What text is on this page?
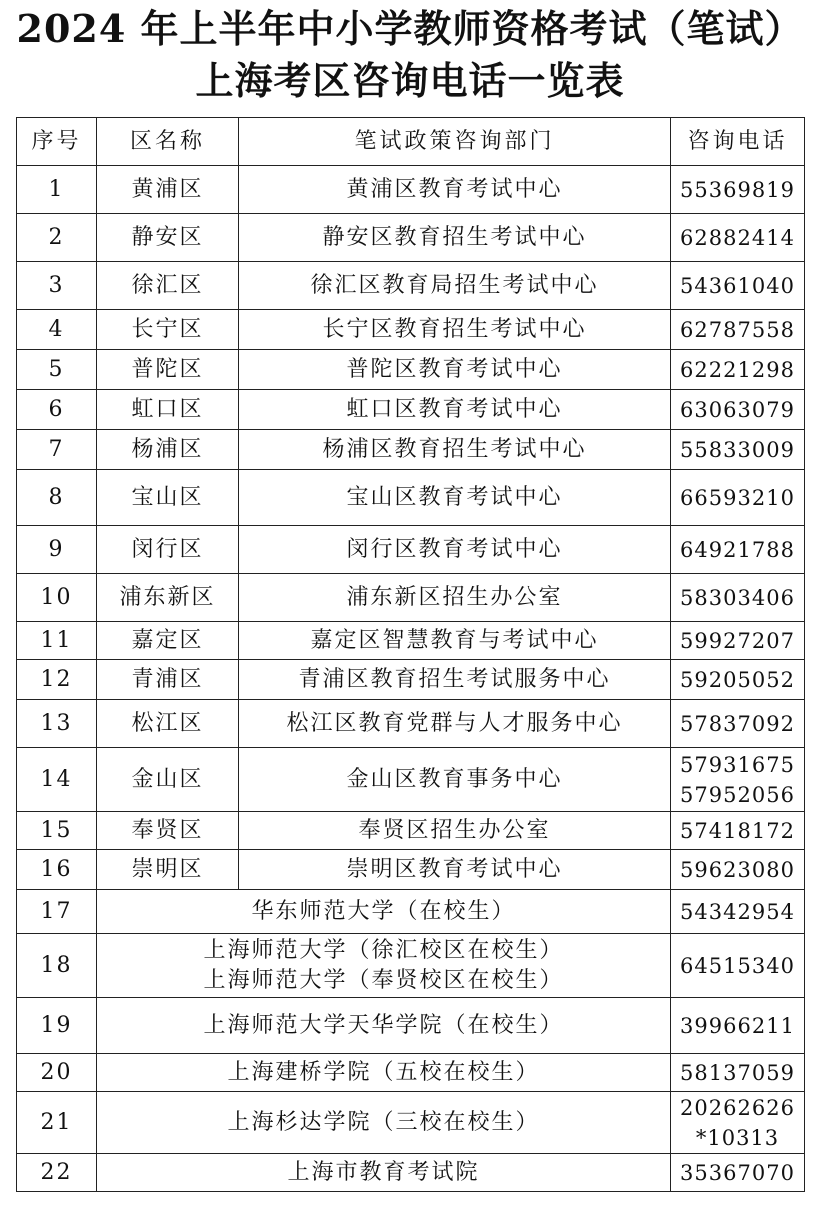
2024 年上半年中小学教师资格考试（笔试）
上海考区咨询电话一览表
序号	区名称	笔试政策咨询部门	咨询电话
1	黄浦区	黄浦区教育考试中心	55369819
2	静安区	静安区教育招生考试中心	62882414
3	徐汇区	徐汇区教育局招生考试中心	54361040
4	长宁区	长宁区教育招生考试中心	62787558
5	普陀区	普陀区教育考试中心	62221298
6	虹口区	虹口区教育考试中心	63063079
7	杨浦区	杨浦区教育招生考试中心	55833009
8	宝山区	宝山区教育考试中心	66593210
9	闵行区	闵行区教育考试中心	64921788
10	浦东新区	浦东新区招生办公室	58303406
11	嘉定区	嘉定区智慧教育与考试中心	59927207
12	青浦区	青浦区教育招生考试服务中心	59205052
13	松江区	松江区教育党群与人才服务中心	57837092
14	金山区	金山区教育事务中心	57931675
57952056
15	奉贤区	奉贤区招生办公室	57418172
16	崇明区	崇明区教育考试中心	59623080
17	华东师范大学（在校生）		54342954
18	上海师范大学（徐汇校区在校生）
上海师范大学（奉贤校区在校生）		64515340
19	上海师范大学天华学院（在校生）		39966211
20	上海建桥学院（五校在校生）		58137059
21	上海杉达学院（三校在校生）		20262626
*10313
22	上海市教育考试院		35367070
